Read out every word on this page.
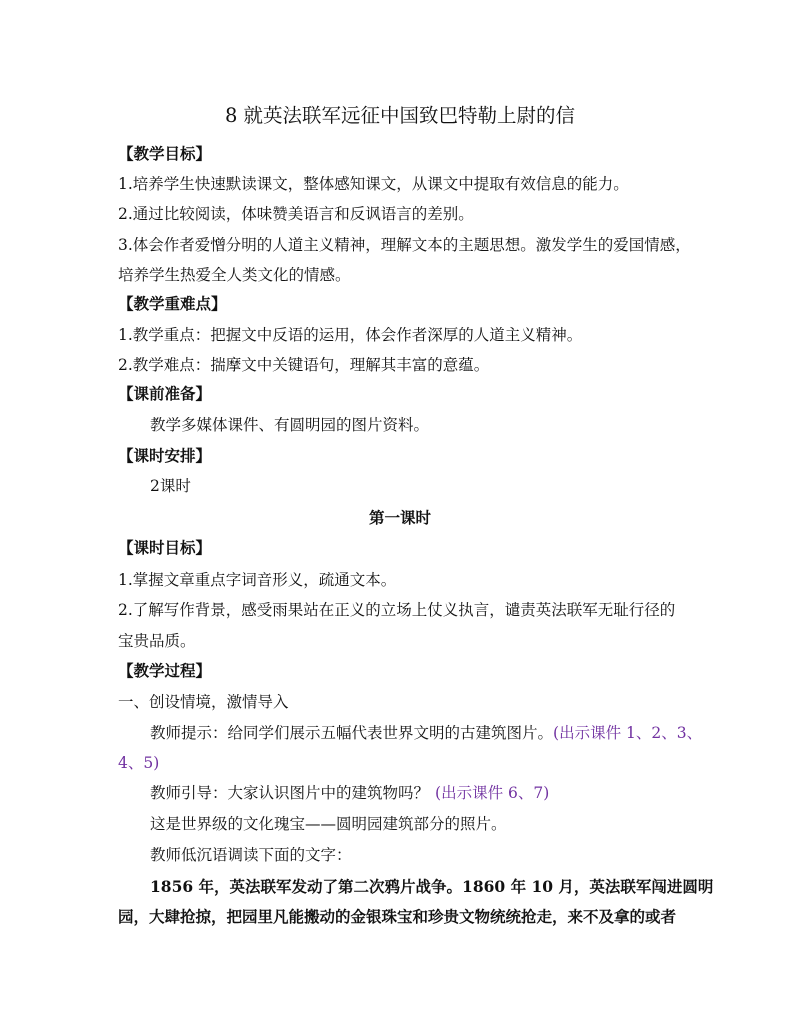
8 就英法联军远征中国致巴特勒上尉的信
【教学目标】
1.培养学生快速默读课文，整体感知课文，从课文中提取有效信息的能力。
2.通过比较阅读，体味赞美语言和反讽语言的差别。
3.体会作者爱憎分明的人道主义精神，理解文本的主题思想。激发学生的爱国情感，
培养学生热爱全人类文化的情感。
【教学重难点】
1.教学重点：把握文中反语的运用，体会作者深厚的人道主义精神。
2.教学难点：揣摩文中关键语句，理解其丰富的意蕴。
【课前准备】
教学多媒体课件、有圆明园的图片资料。
【课时安排】
2课时
第一课时
【课时目标】
1.掌握文章重点字词音形义，疏通文本。
2.了解写作背景，感受雨果站在正义的立场上仗义执言，谴责英法联军无耻行径的
宝贵品质。
【教学过程】
一、创设情境，激情导入
教师提示：给同学们展示五幅代表世界文明的古建筑图片。(出示课件 1、2、3、
4、5)
教师引导：大家认识图片中的建筑物吗？ (出示课件 6、7)
这是世界级的文化瑰宝——圆明园建筑部分的照片。
教师低沉语调读下面的文字：
1856 年，英法联军发动了第二次鸦片战争。1860 年 10 月，英法联军闯进圆明
园，大肆抢掠，把园里凡能搬动的金银珠宝和珍贵文物统统抢走，来不及拿的或者
